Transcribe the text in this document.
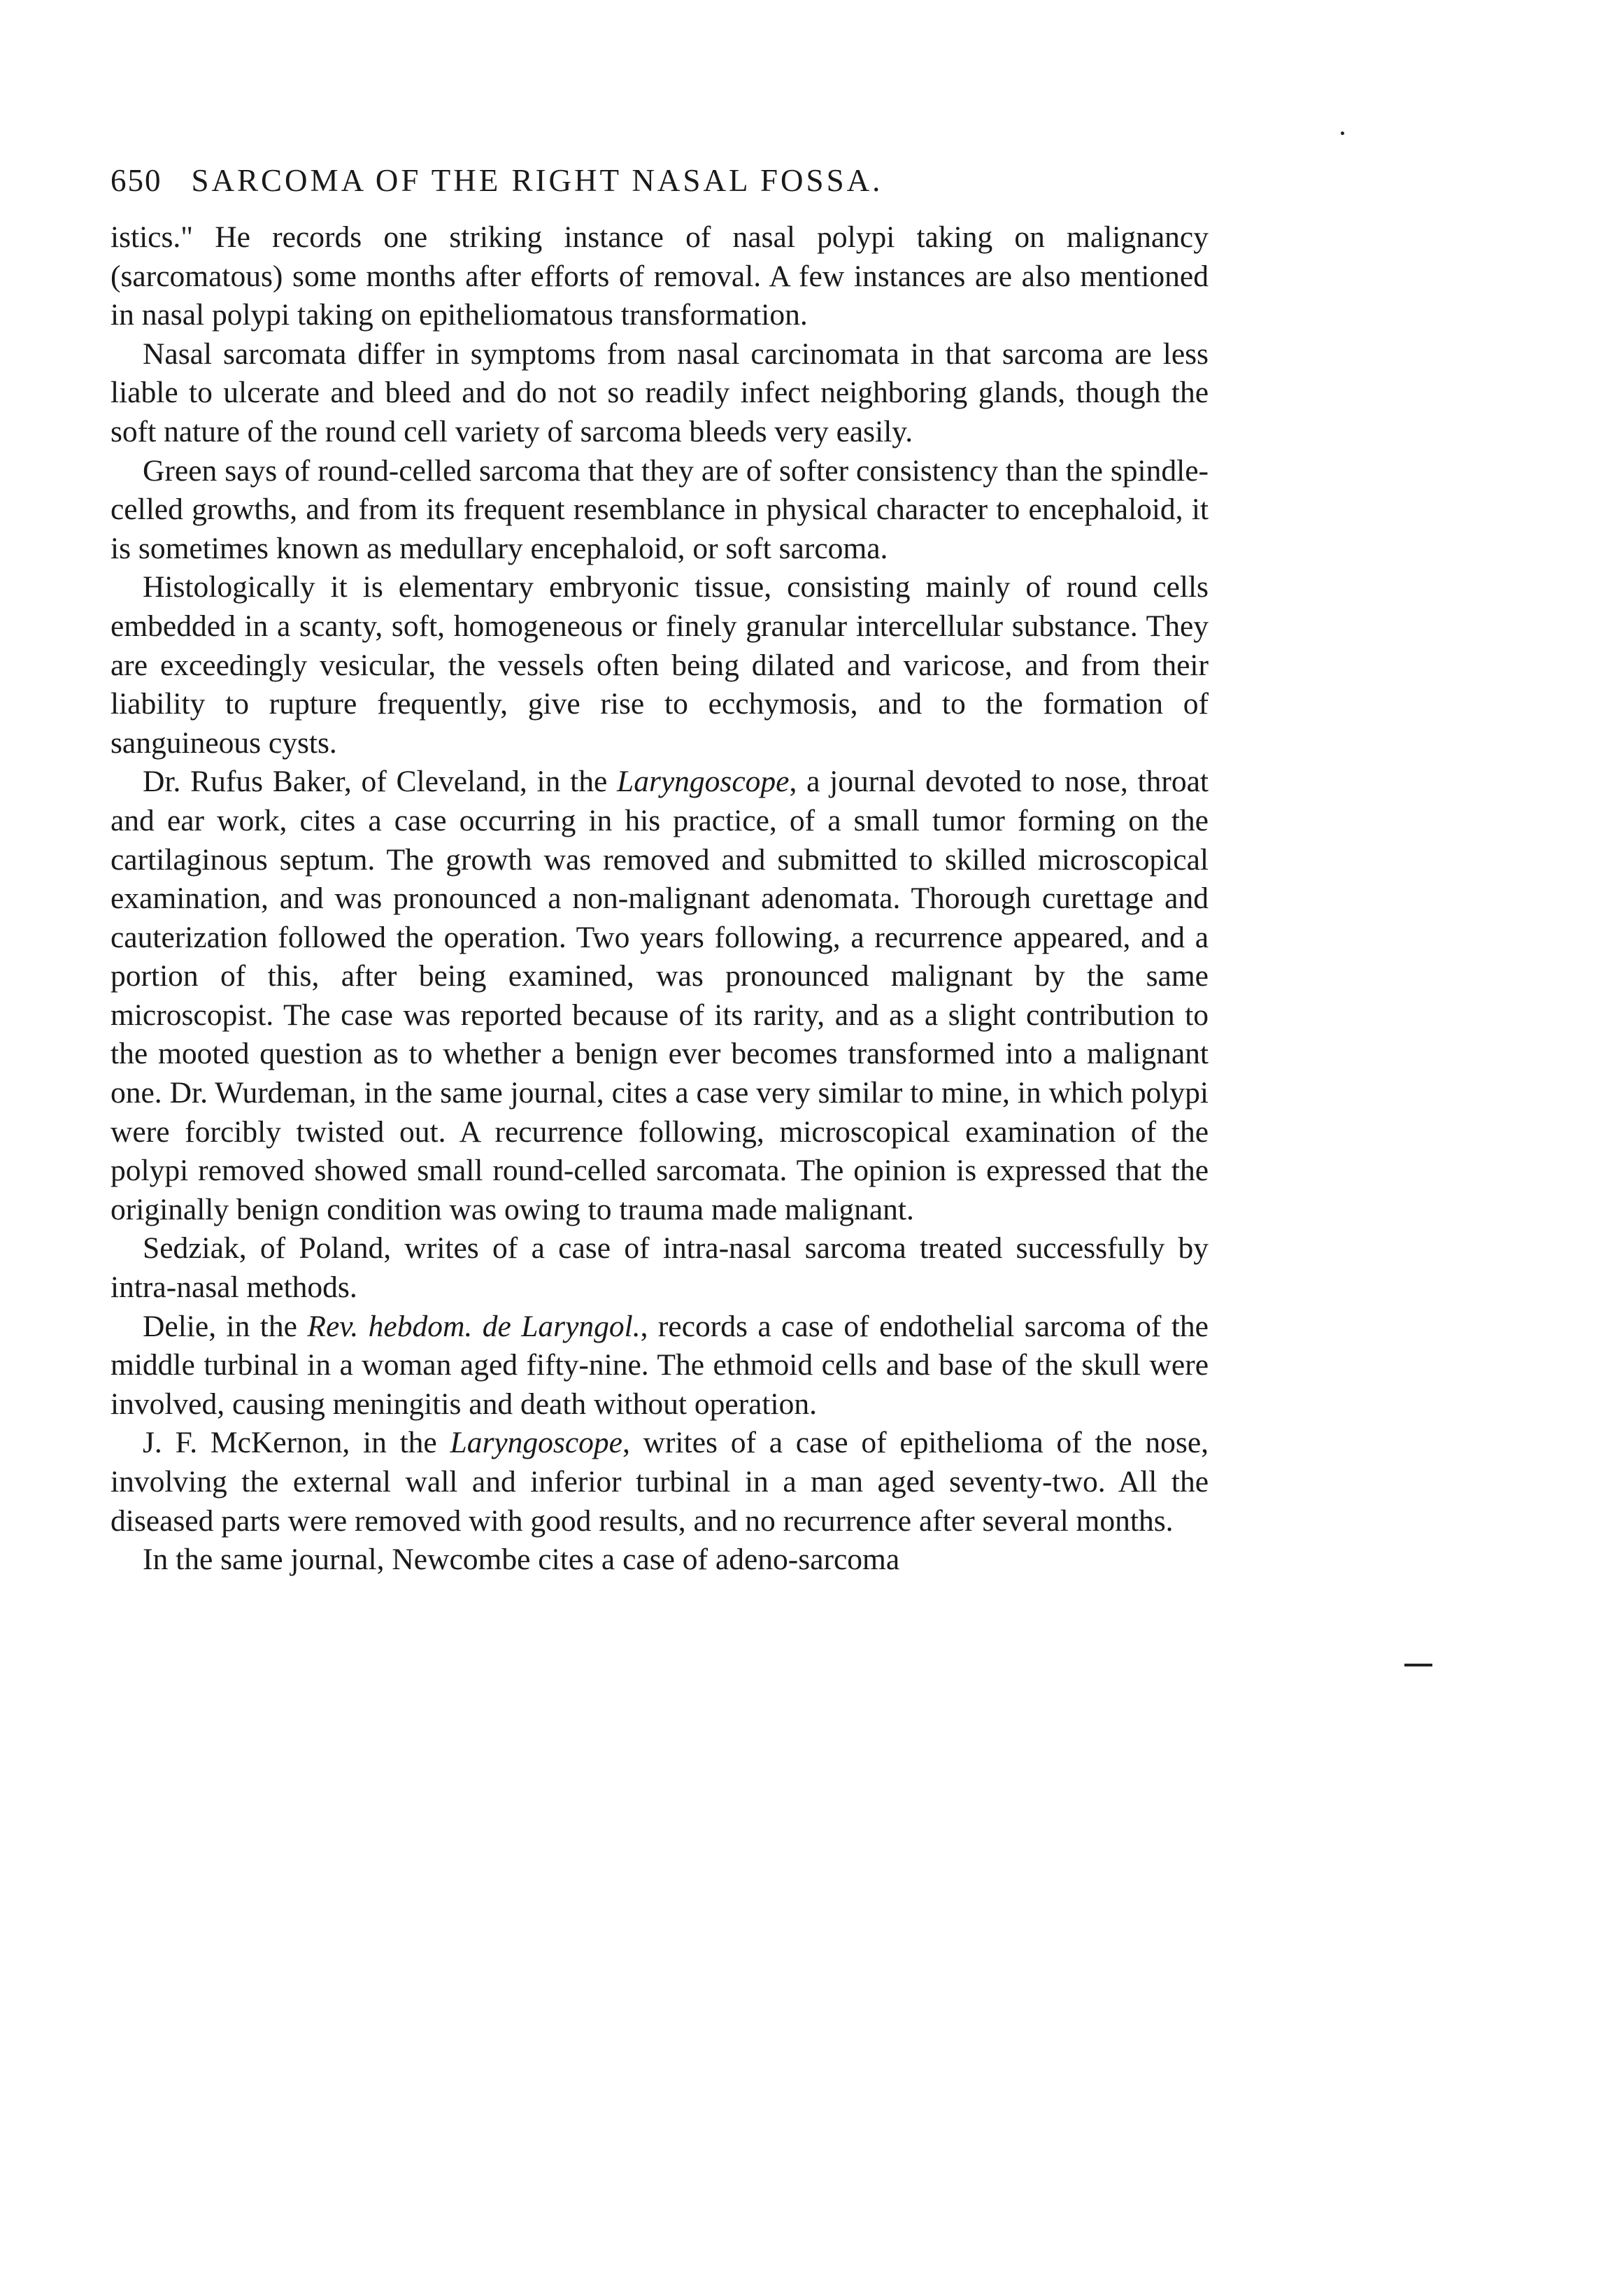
650 SARCOMA OF THE RIGHT NASAL FOSSA.

istics." He records one striking instance of nasal polypi taking on malignancy (sarcomatous) some months after efforts of removal. A few instances are also mentioned in nasal polypi taking on epitheliomatous transformation.

Nasal sarcomata differ in symptoms from nasal carcinomata in that sarcoma are less liable to ulcerate and bleed and do not so readily infect neighboring glands, though the soft nature of the round cell variety of sarcoma bleeds very easily.

Green says of round-celled sarcoma that they are of softer consistency than the spindle-celled growths, and from its frequent resemblance in physical character to encephaloid, it is sometimes known as medullary encephaloid, or soft sarcoma.

Histologically it is elementary embryonic tissue, consisting mainly of round cells embedded in a scanty, soft, homogeneous or finely granular intercellular substance. They are exceedingly vesicular, the vessels often being dilated and varicose, and from their liability to rupture frequently, give rise to ecchymosis, and to the formation of sanguineous cysts.

Dr. Rufus Baker, of Cleveland, in the Laryngoscope, a journal devoted to nose, throat and ear work, cites a case occurring in his practice, of a small tumor forming on the cartilaginous septum. The growth was removed and submitted to skilled microscopical examination, and was pronounced a non-malignant adenomata. Thorough curettage and cauterization followed the operation. Two years following, a recurrence appeared, and a portion of this, after being examined, was pronounced malignant by the same microscopist. The case was reported because of its rarity, and as a slight contribution to the mooted question as to whether a benign ever becomes transformed into a malignant one. Dr. Wurdeman, in the same journal, cites a case very similar to mine, in which polypi were forcibly twisted out. A recurrence following, microscopical examination of the polypi removed showed small round-celled sarcomata. The opinion is expressed that the originally benign condition was owing to trauma made malignant.

Sedziak, of Poland, writes of a case of intra-nasal sarcoma treated successfully by intra-nasal methods.

Delie, in the Rev. hebdom. de Laryngol., records a case of endothelial sarcoma of the middle turbinal in a woman aged fifty-nine. The ethmoid cells and base of the skull were involved, causing meningitis and death without operation.

J. F. McKernon, in the Laryngoscope, writes of a case of epithelioma of the nose, involving the external wall and inferior turbinal in a man aged seventy-two. All the diseased parts were removed with good results, and no recurrence after several months.

In the same journal, Newcombe cites a case of adeno-sarcoma
